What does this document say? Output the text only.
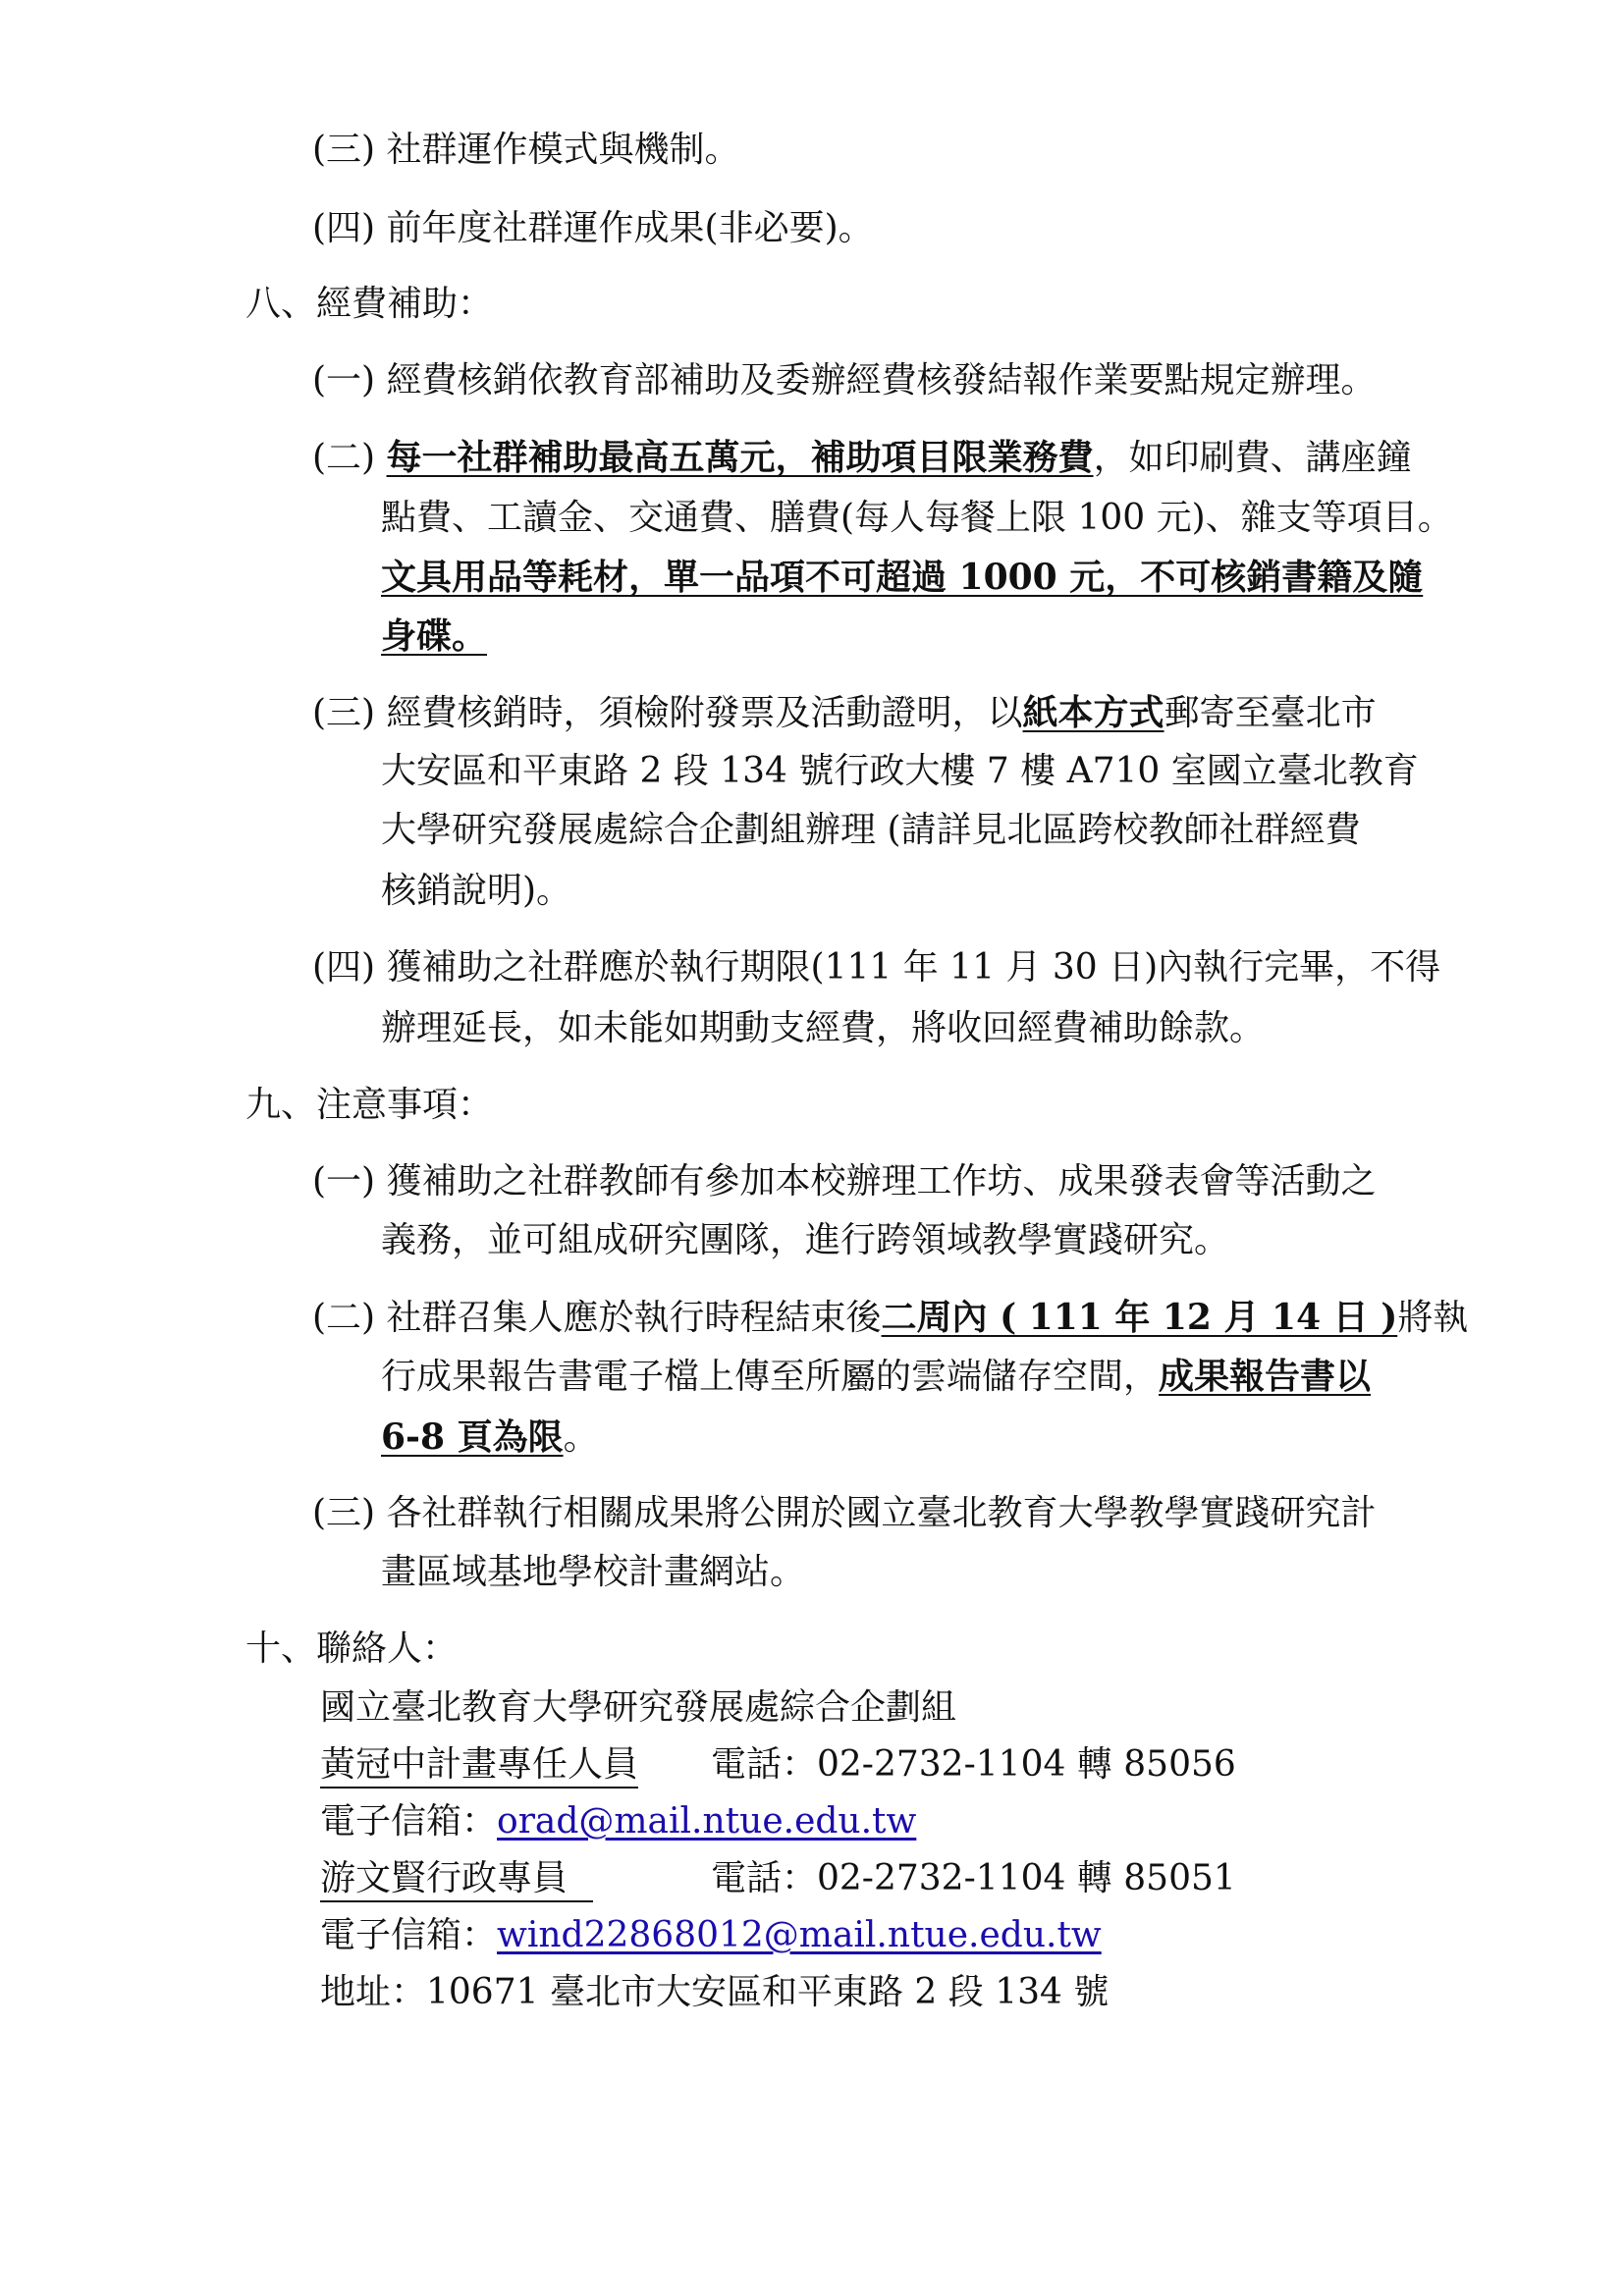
(三) 社群運作模式與機制。
(四) 前年度社群運作成果(非必要)。
八、經費補助：
(一) 經費核銷依教育部補助及委辦經費核發結報作業要點規定辦理。
(二) 每一社群補助最高五萬元，補助項目限業務費，如印刷費、講座鐘
點費、工讀金、交通費、膳費(每人每餐上限 100 元)、雜支等項目。
文具用品等耗材，單一品項不可超過 1000 元，不可核銷書籍及隨
身碟。
(三) 經費核銷時，須檢附發票及活動證明，以紙本方式郵寄至臺北市
大安區和平東路 2 段 134 號行政大樓 7 樓 A710 室國立臺北教育
大學研究發展處綜合企劃組辦理 (請詳見北區跨校教師社群經費
核銷說明)。
(四) 獲補助之社群應於執行期限(111 年 11 月 30 日)內執行完畢，不得
辦理延長，如未能如期動支經費，將收回經費補助餘款。
九、注意事項：
(一) 獲補助之社群教師有參加本校辦理工作坊、成果發表會等活動之
義務，並可組成研究團隊，進行跨領域教學實踐研究。
(二) 社群召集人應於執行時程結束後二周內 ( 111 年 12 月 14 日 )將執
行成果報告書電子檔上傳至所屬的雲端儲存空間，成果報告書以
6-8 頁為限。
(三) 各社群執行相關成果將公開於國立臺北教育大學教學實踐研究計
畫區域基地學校計畫網站。
十、聯絡人：
國立臺北教育大學研究發展處綜合企劃組
黃冠中計畫專任人員 電話：02-2732-1104 轉 85056
電子信箱：orad@mail.ntue.edu.tw
游文賢行政專員	電話：02-2732-1104 轉 85051
電子信箱：wind22868012@mail.ntue.edu.tw
地址：10671 臺北市大安區和平東路 2 段 134 號
